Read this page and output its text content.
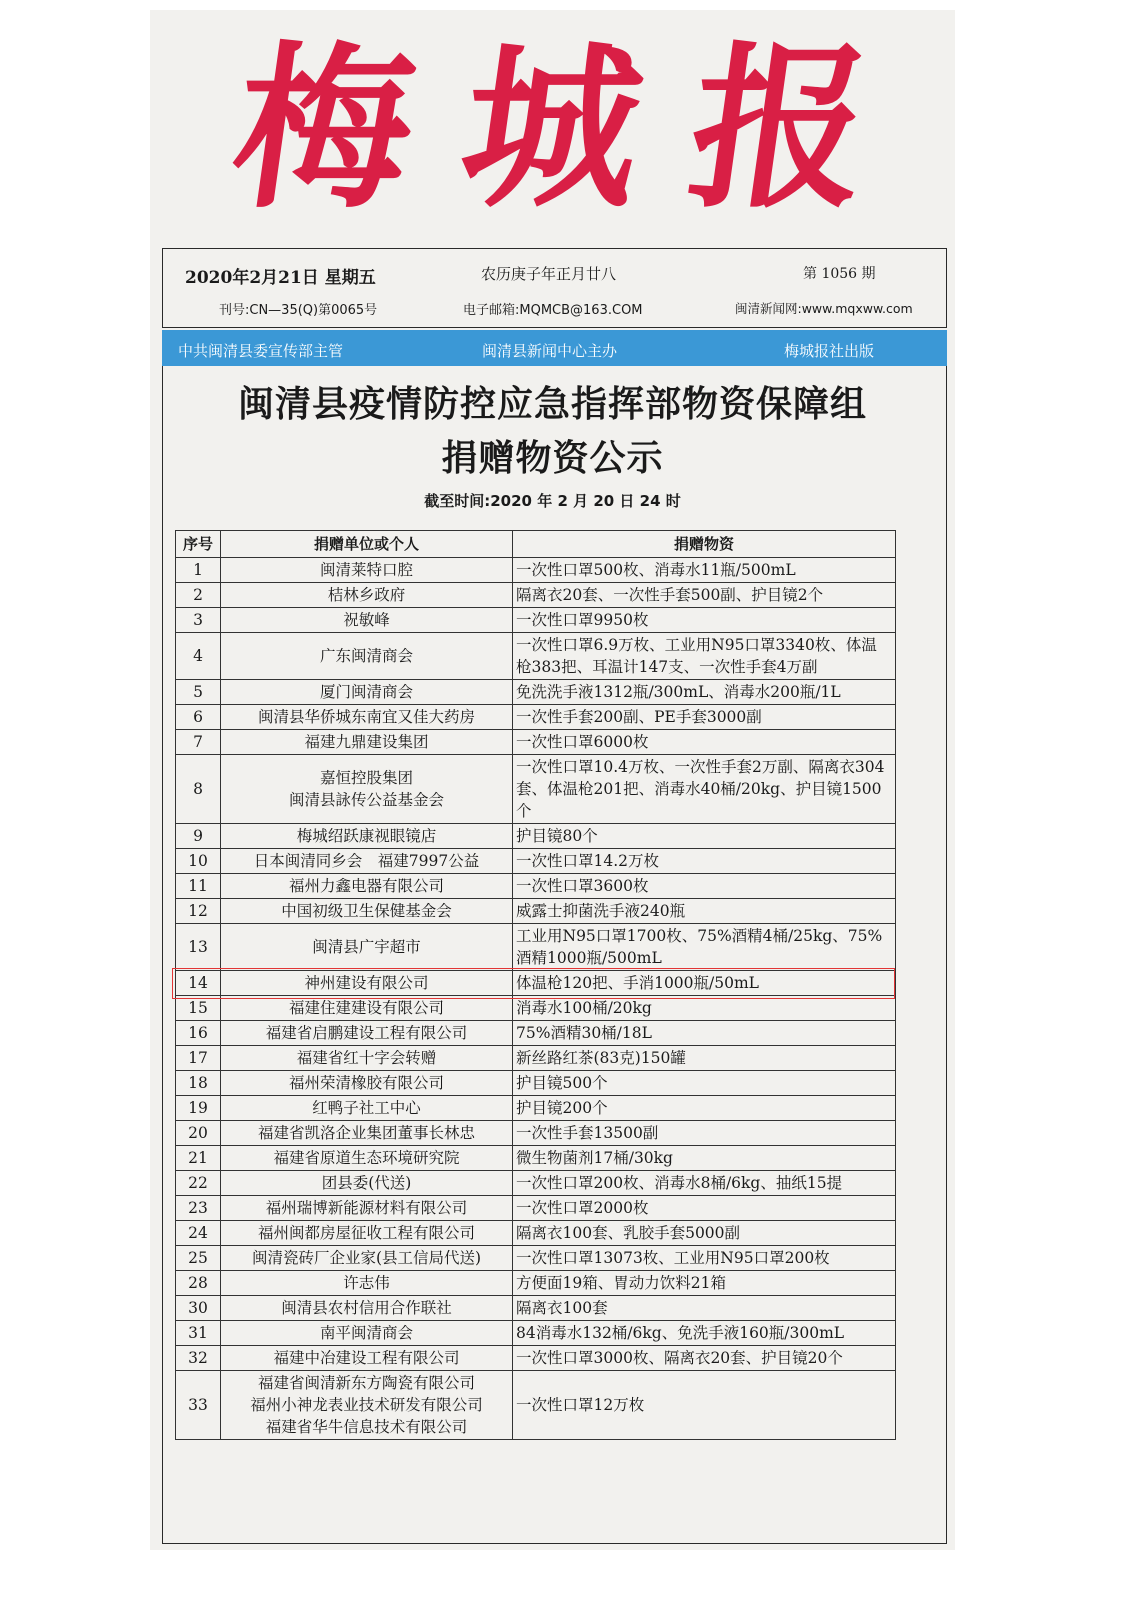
梅城报
2020年2月21日 星期五	农历庚子年正月廿八	第 1056 期
刊号:CN—35(Q)第0065号	电子邮箱:MQMCB@163.COM	闽清新闻网:www.mqxww.com
中共闽清县委宣传部主管	闽清县新闻中心主办	梅城报社出版
闽清县疫情防控应急指挥部物资保障组
捐赠物资公示
截至时间:2020 年 2 月 20 日 24 时
序号	捐赠单位或个人	捐赠物资
1	闽清莱特口腔	一次性口罩500枚、消毒水11瓶/500mL
2	桔林乡政府	隔离衣20套、一次性手套500副、护目镜2个
3	祝敏峰	一次性口罩9950枚
4	广东闽清商会	一次性口罩6.9万枚、工业用N95口罩3340枚、体温枪383把、耳温计147支、一次性手套4万副
5	厦门闽清商会	免洗洗手液1312瓶/300mL、消毒水200瓶/1L
6	闽清县华侨城东南宜又佳大药房	一次性手套200副、PE手套3000副
7	福建九鼎建设集团	一次性口罩6000枚
8	嘉恒控股集团
闽清县詠传公益基金会	一次性口罩10.4万枚、一次性手套2万副、隔离衣304套、体温枪201把、消毒水40桶/20kg、护目镜1500个
9	梅城绍跃康视眼镜店	护目镜80个
10	日本闽清同乡会　福建7997公益	一次性口罩14.2万枚
11	福州力鑫电器有限公司	一次性口罩3600枚
12	中国初级卫生保健基金会	威露士抑菌洗手液240瓶
13	闽清县广宇超市	工业用N95口罩1700枚、75%酒精4桶/25kg、75%酒精1000瓶/500mL
14	神州建设有限公司	体温枪120把、手消1000瓶/50mL
15	福建住建建设有限公司	消毒水100桶/20kg
16	福建省启鹏建设工程有限公司	75%酒精30桶/18L
17	福建省红十字会转赠	新丝路红茶(83克)150罐
18	福州荣清橡胶有限公司	护目镜500个
19	红鸭子社工中心	护目镜200个
20	福建省凯洛企业集团董事长林忠	一次性手套13500副
21	福建省原道生态环境研究院	微生物菌剂17桶/30kg
22	团县委(代送)	一次性口罩200枚、消毒水8桶/6kg、抽纸15提
23	福州瑞博新能源材料有限公司	一次性口罩2000枚
24	福州闽都房屋征收工程有限公司	隔离衣100套、乳胶手套5000副
25	闽清瓷砖厂企业家(县工信局代送)	一次性口罩13073枚、工业用N95口罩200枚
28	许志伟	方便面19箱、胃动力饮料21箱
30	闽清县农村信用合作联社	隔离衣100套
31	南平闽清商会	84消毒水132桶/6kg、免洗手液160瓶/300mL
32	福建中冶建设工程有限公司	一次性口罩3000枚、隔离衣20套、护目镜20个
33	福建省闽清新东方陶瓷有限公司
福州小神龙表业技术研发有限公司
福建省华牛信息技术有限公司	一次性口罩12万枚
